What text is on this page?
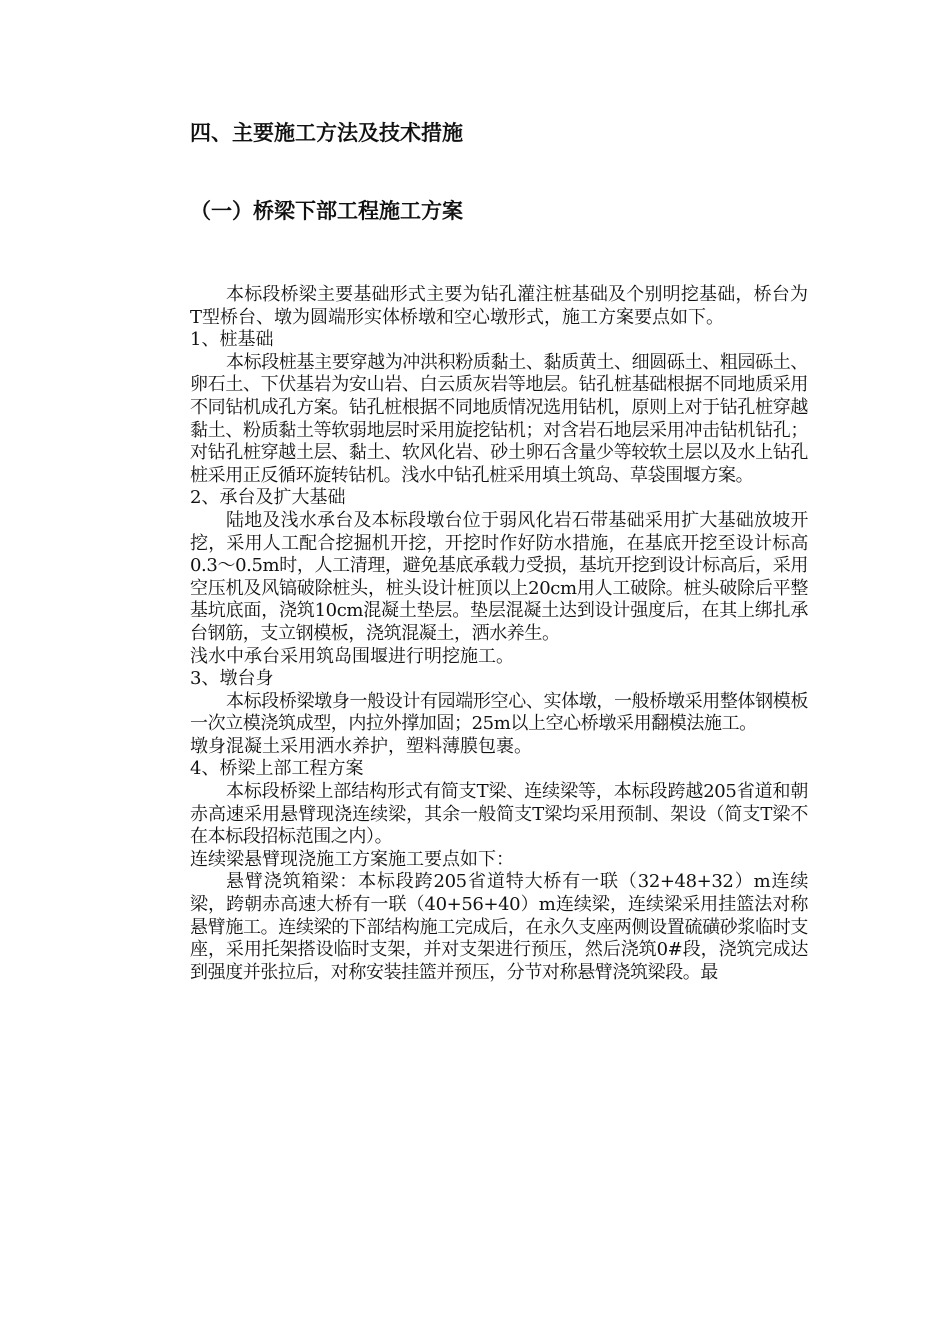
四、主要施工方法及技术措施
（一）桥梁下部工程施工方案

本标段桥梁主要基础形式主要为钻孔灌注桩基础及个别明挖基础，桥台为T型桥台、墩为圆端形实体桥墩和空心墩形式，施工方案要点如下。

1、桩基础

本标段桩基主要穿越为冲洪积粉质黏土、黏质黄土、细圆砾土、粗园砾土、卵石土、下伏基岩为安山岩、白云质灰岩等地层。钻孔桩基础根据不同地质采用不同钻机成孔方案。钻孔桩根据不同地质情况选用钻机，原则上对于钻孔桩穿越黏土、粉质黏土等软弱地层时采用旋挖钻机；对含岩石地层采用冲击钻机钻孔；对钻孔桩穿越土层、黏土、软风化岩、砂土卵石含量少等较软土层以及水上钻孔桩采用正反循环旋转钻机。浅水中钻孔桩采用填土筑岛、草袋围堰方案。

2、承台及扩大基础

陆地及浅水承台及本标段墩台位于弱风化岩石带基础采用扩大基础放坡开挖，采用人工配合挖掘机开挖，开挖时作好防水措施，在基底开挖至设计标高0.3～0.5m时，人工清理，避免基底承载力受损，基坑开挖到设计标高后，采用空压机及风镐破除桩头，桩头设计桩顶以上20cm用人工破除。桩头破除后平整基坑底面，浇筑10cm混凝土垫层。垫层混凝土达到设计强度后，在其上绑扎承台钢筋，支立钢模板，浇筑混凝土，洒水养生。

浅水中承台采用筑岛围堰进行明挖施工。

3、墩台身

本标段桥梁墩身一般设计有园端形空心、实体墩，一般桥墩采用整体钢模板一次立模浇筑成型，内拉外撑加固；25m以上空心桥墩采用翻模法施工。

墩身混凝土采用洒水养护，塑料薄膜包裹。

4、桥梁上部工程方案

本标段桥梁上部结构形式有简支T梁、连续梁等，本标段跨越205省道和朝赤高速采用悬臂现浇连续梁，其余一般简支T梁均采用预制、架设（简支T梁不在本标段招标范围之内）。

连续梁悬臂现浇施工方案施工要点如下：

悬臂浇筑箱梁：本标段跨205省道特大桥有一联（32+48+32）m连续梁，跨朝赤高速大桥有一联（40+56+40）m连续梁，连续梁采用挂篮法对称悬臂施工。连续梁的下部结构施工完成后，在永久支座两侧设置硫磺砂浆临时支座，采用托架搭设临时支架，并对支架进行预压，然后浇筑0#段，浇筑完成达到强度并张拉后，对称安装挂篮并预压，分节对称悬臂浇筑梁段。最
